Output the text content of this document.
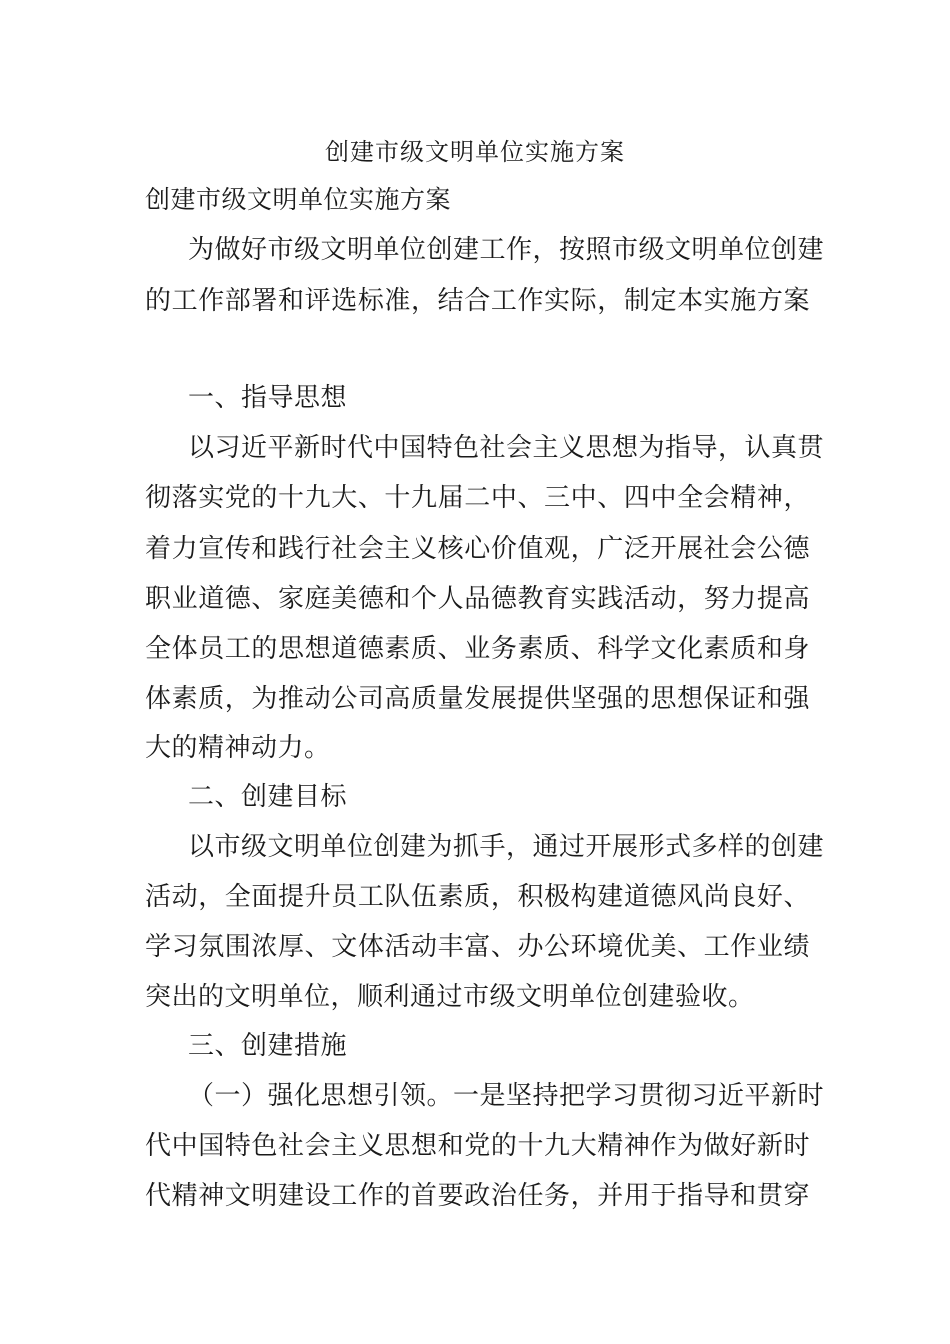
创建市级文明单位实施方案
创建市级文明单位实施方案
为做好市级文明单位创建工作，按照市级文明单位创建
的工作部署和评选标准，结合工作实际，制定本实施方案
一、指导思想
以习近平新时代中国特色社会主义思想为指导，认真贯
彻落实党的十九大、十九届二中、三中、四中全会精神，
着力宣传和践行社会主义核心价值观，广泛开展社会公德
职业道德、家庭美德和个人品德教育实践活动，努力提高
全体员工的思想道德素质、业务素质、科学文化素质和身
体素质，为推动公司高质量发展提供坚强的思想保证和强
大的精神动力。
二、创建目标
以市级文明单位创建为抓手，通过开展形式多样的创建
活动，全面提升员工队伍素质，积极构建道德风尚良好、
学习氛围浓厚、文体活动丰富、办公环境优美、工作业绩
突出的文明单位，顺利通过市级文明单位创建验收。
三、创建措施
（一）强化思想引领。一是坚持把学习贯彻习近平新时
代中国特色社会主义思想和党的十九大精神作为做好新时
代精神文明建设工作的首要政治任务，并用于指导和贯穿
